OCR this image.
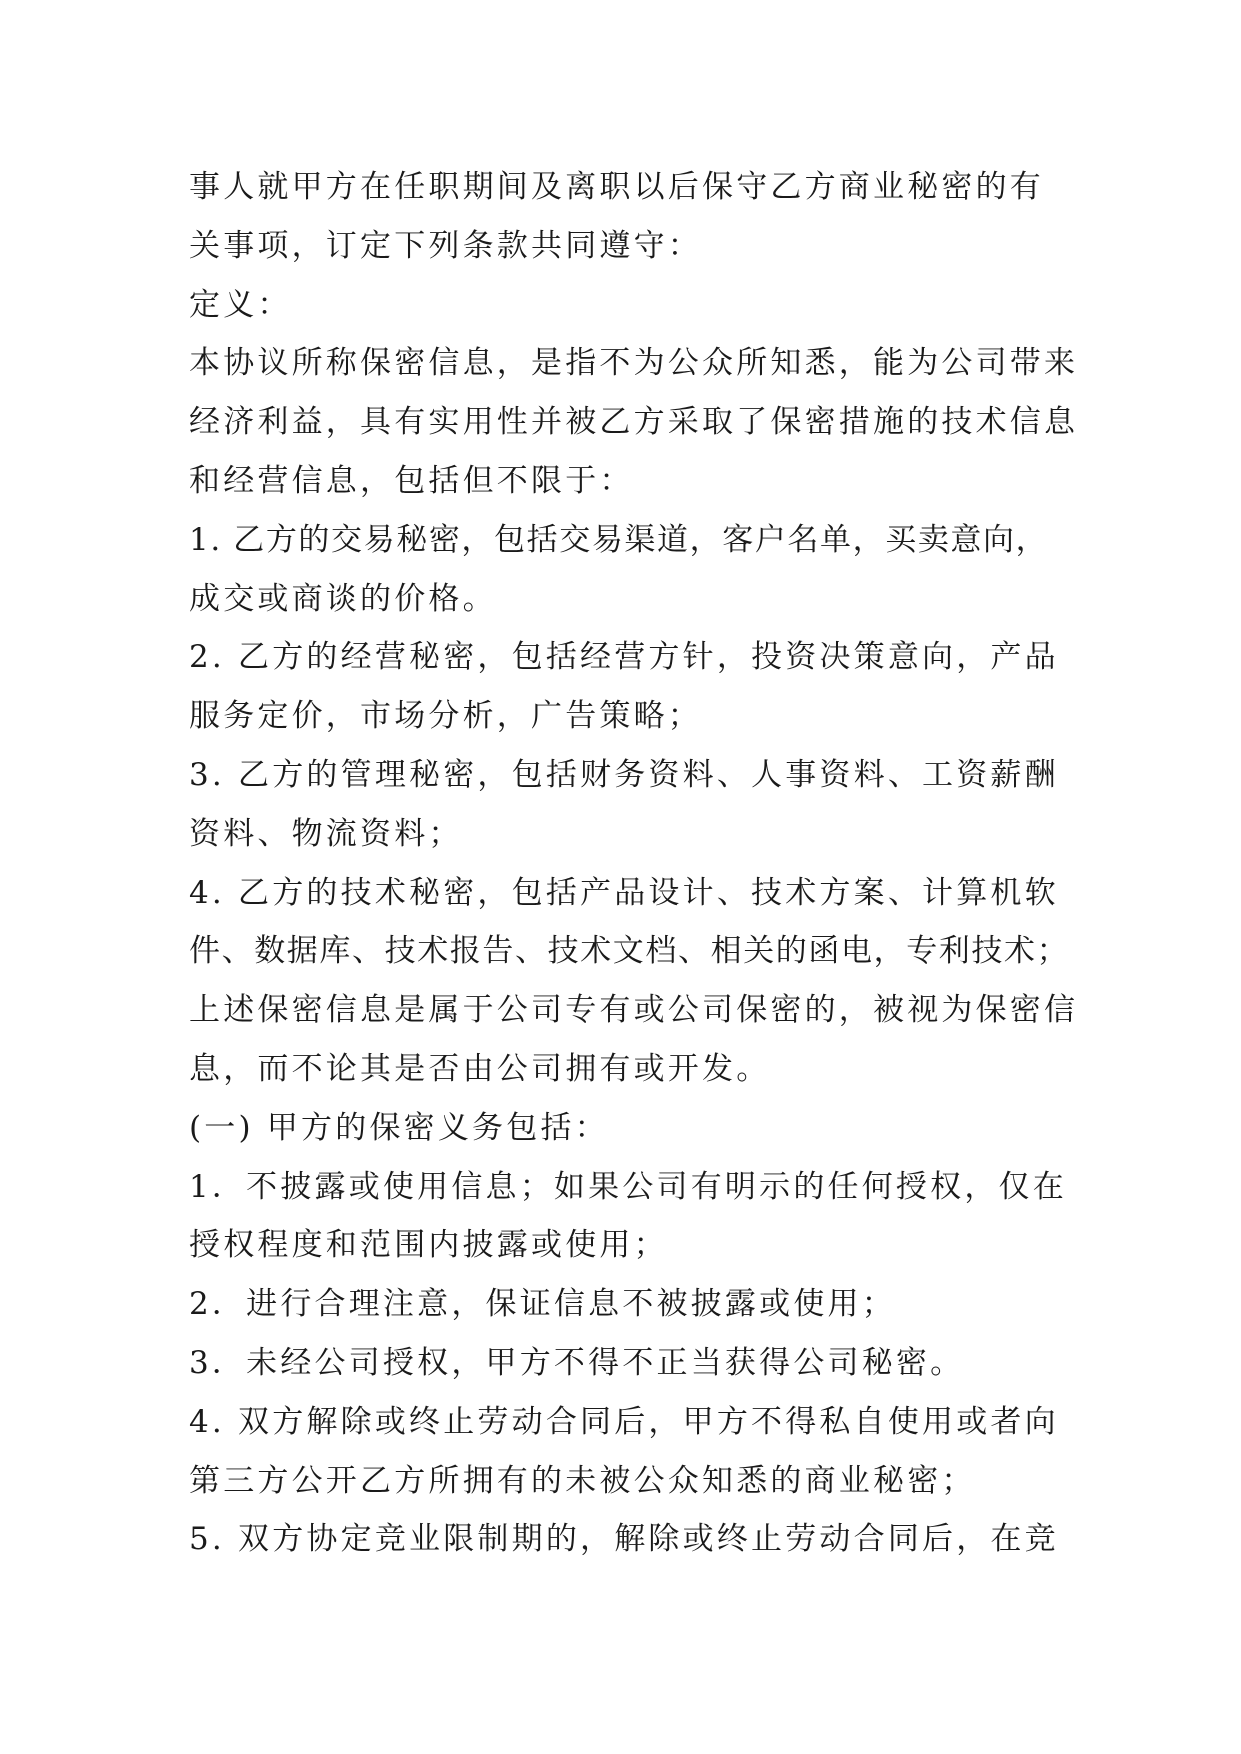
事人就甲方在任职期间及离职以后保守乙方商业秘密的有
关事项，订定下列条款共同遵守：
定义：
本协议所称保密信息，是指不为公众所知悉，能为公司带来
经济利益，具有实用性并被乙方采取了保密措施的技术信息
和经营信息，包括但不限于：
1. 乙方的交易秘密，包括交易渠道，客户名单，买卖意向，
成交或商谈的价格。
2. 乙方的经营秘密，包括经营方针，投资决策意向，产品
服务定价，市场分析，广告策略；
3. 乙方的管理秘密，包括财务资料、人事资料、工资薪酬
资料、物流资料；
4. 乙方的技术秘密，包括产品设计、技术方案、计算机软
件、数据库、技术报告、技术文档、相关的函电，专利技术；
上述保密信息是属于公司专有或公司保密的，被视为保密信
息，而不论其是否由公司拥有或开发。
(一) 甲方的保密义务包括：
1．不披露或使用信息；如果公司有明示的任何授权，仅在
授权程度和范围内披露或使用；
2．进行合理注意，保证信息不被披露或使用；
3．未经公司授权，甲方不得不正当获得公司秘密。
4. 双方解除或终止劳动合同后，甲方不得私自使用或者向
第三方公开乙方所拥有的未被公众知悉的商业秘密；
5. 双方协定竞业限制期的，解除或终止劳动合同后，在竞
